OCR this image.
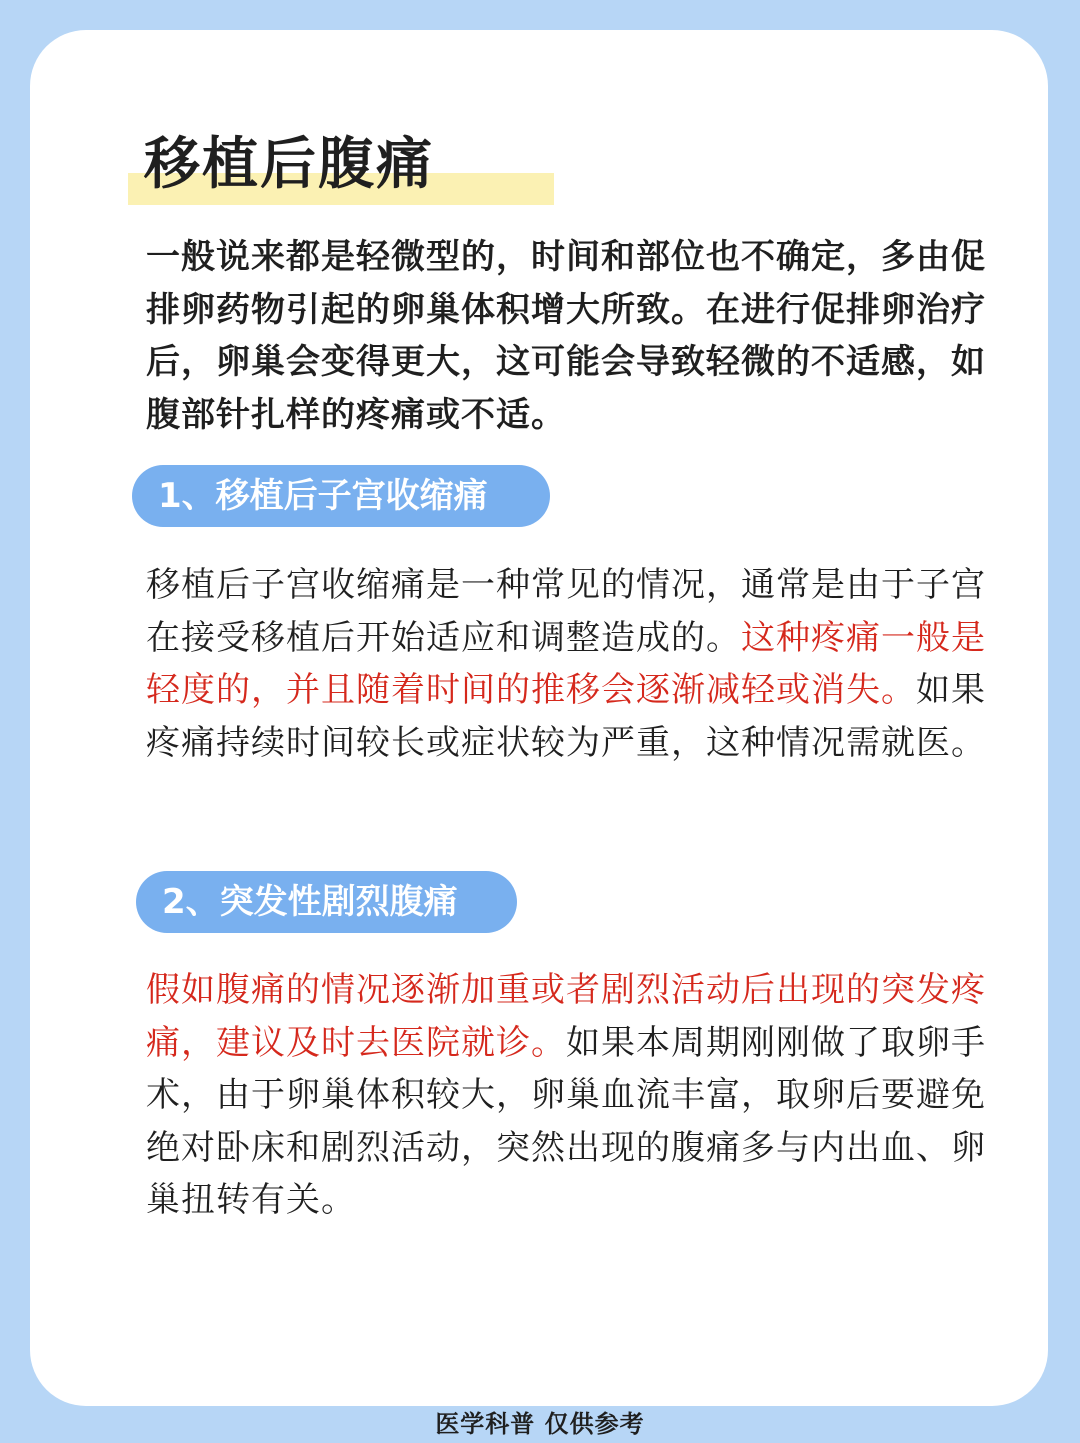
移植后腹痛

一般说来都是轻微型的，时间和部位也不确定，多由促排卵药物引起的卵巢体积增大所致。在进行促排卵治疗后，卵巢会变得更大，这可能会导致轻微的不适感，如腹部针扎样的疼痛或不适。

1、移植后子宫收缩痛

移植后子宫收缩痛是一种常见的情况，通常是由于子宫在接受移植后开始适应和调整造成的。这种疼痛一般是轻度的，并且随着时间的推移会逐渐减轻或消失。如果疼痛持续时间较长或症状较为严重，这种情况需就医。

2、突发性剧烈腹痛

假如腹痛的情况逐渐加重或者剧烈活动后出现的突发疼痛，建议及时去医院就诊。如果本周期刚刚做了取卵手术，由于卵巢体积较大，卵巢血流丰富，取卵后要避免绝对卧床和剧烈活动，突然出现的腹痛多与内出血、卵巢扭转有关。

医学科普 仅供参考
